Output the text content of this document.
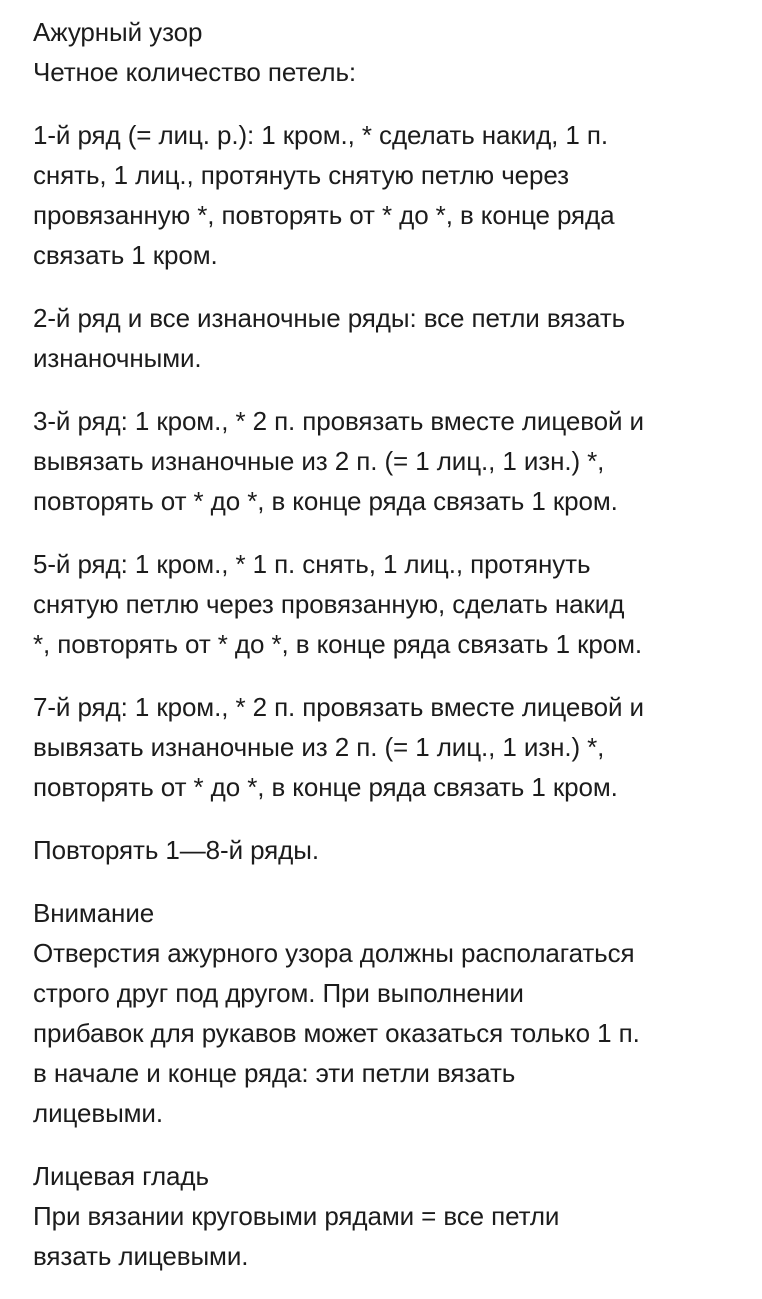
Ажурный узор
Четное количество петель:

1-й ряд (= лиц. р.): 1 кром., * сделать накид, 1 п.
снять, 1 лиц., протянуть снятую петлю через
провязанную *, повторять от * до *, в конце ряда
связать 1 кром.

2-й ряд и все изнаночные ряды: все петли вязать
изнаночными.

3-й ряд: 1 кром., * 2 п. провязать вместе лицевой и
вывязать изнаночные из 2 п. (= 1 лиц., 1 изн.) *,
повторять от * до *, в конце ряда связать 1 кром.

5-й ряд: 1 кром., * 1 п. снять, 1 лиц., протянуть
снятую петлю через провязанную, сделать накид
*, повторять от * до *, в конце ряда связать 1 кром.

7-й ряд: 1 кром., * 2 п. провязать вместе лицевой и
вывязать изнаночные из 2 п. (= 1 лиц., 1 изн.) *,
повторять от * до *, в конце ряда связать 1 кром.

Повторять 1—8-й ряды.

Внимание
Отверстия ажурного узора должны располагаться
строго друг под другом. При выполнении
прибавок для рукавов может оказаться только 1 п.
в начале и конце ряда: эти петли вязать
лицевыми.

Лицевая гладь
При вязании круговыми рядами = все петли
вязать лицевыми.
